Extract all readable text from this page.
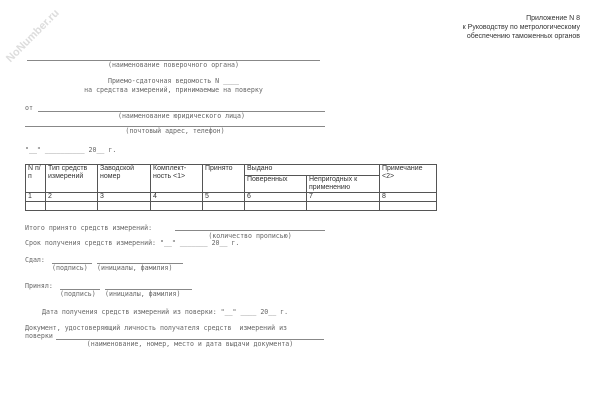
NoNumber.ru	Приложение N 8
к Руководству по метрологическому
обеспечению таможенных органов
(наименование поверочного органа)
Приемо-сдаточная ведомость N ____
на средства измерений, принимаемые на поверку
от
(наименование юридического лица)
(почтовый адрес, телефон)
"__" __________ 20__ г.
N п/п	Тип средств измерений	Заводской номер	Комплект- ность <1>	Принято	Выдано		Примечание <2>
					Поверенных	Непригодных к применению	
1	2	3	4	5	6	7	8

Итого принято средств измерений:
(количество прописью)
Срок получения средств измерений: "__" _______ 20__ г.
Сдал:
(подпись) (инициалы, фамилия)
Принял:
(подпись) (инициалы, фамилия)
Дата получения средств измерений из поверки: "__" ____ 20__ г.
Документ, удостоверяющий личность получателя средств  измерений из
поверки
(наименование, номер, место и дата выдачи документа)
